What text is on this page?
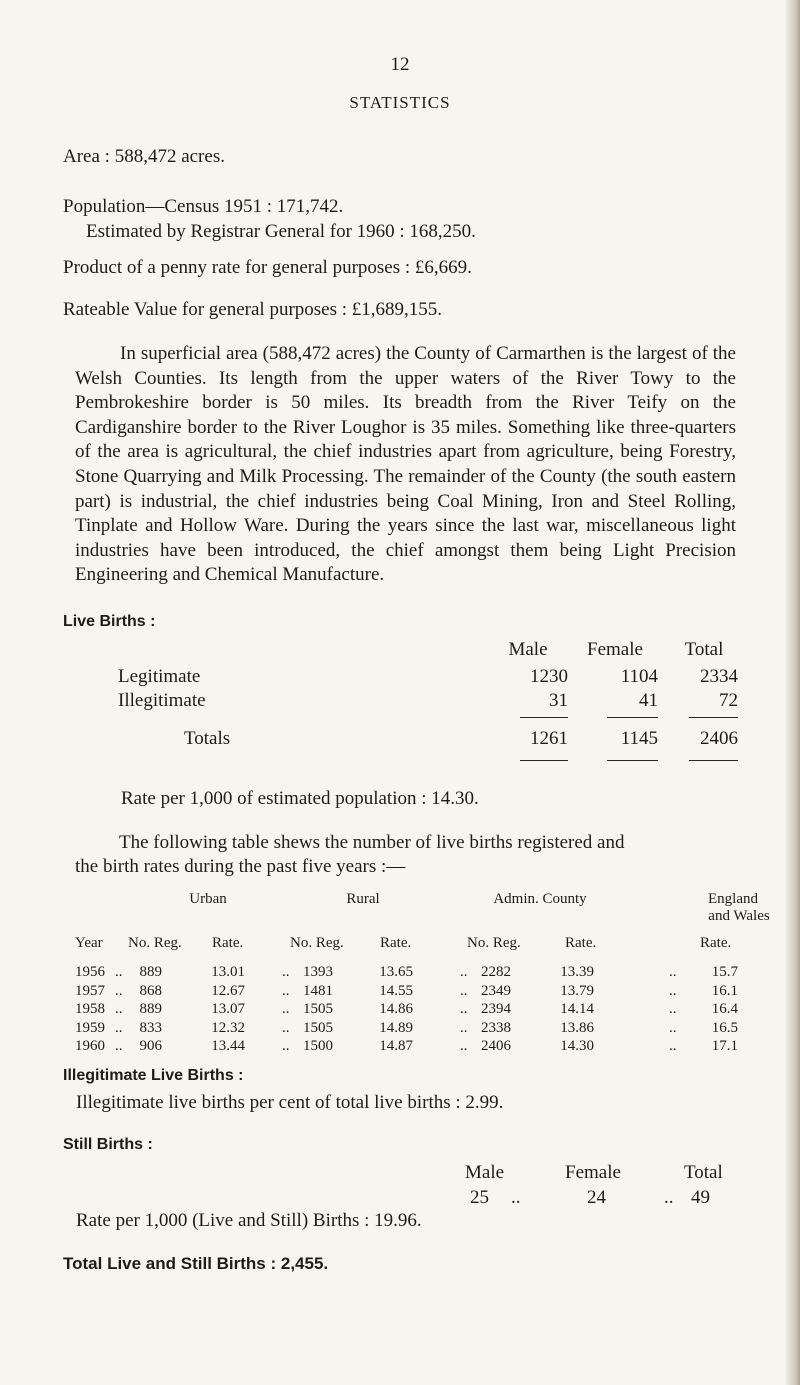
12
STATISTICS
Area : 588,472 acres.
Population—Census 1951 : 171,742.
Estimated by Registrar General for 1960 : 168,250.
Product of a penny rate for general purposes : £6,669.
Rateable Value for general purposes : £1,689,155.

In superficial area (588,472 acres) the County of Carmarthen is the largest of the Welsh Counties. Its length from the upper waters of the River Towy to the Pembrokeshire border is 50 miles. Its breadth from the River Teify on the Cardiganshire border to the River Loughor is 35 miles. Something like three-quarters of the area is agricultural, the chief industries apart from agriculture, being Forestry, Stone Quarrying and Milk Processing. The remainder of the County (the south eastern part) is industrial, the chief industries being Coal Mining, Iron and Steel Rolling, Tinplate and Hollow Ware. During the years since the last war, miscellaneous light industries have been introduced, the chief amongst them being Light Precision Engineering and Chemical Manufacture.

Live Births :
Male	Female	Total
Legitimate	1230	1104	2334
Illegitimate	31	41	72
Totals	1261	1145	2406
Rate per 1,000 of estimated population : 14.30.
The following table shews the number of live births registered and
the birth rates during the past five years :—
Urban	Rural	Admin. County	England
and Wales
Year No. Reg. Rate.	No. Reg. Rate.	No. Reg.	Rate.	Rate.
1956 ..	889	13.01 .. 1393	13.65	.. 2282	13.39	..	15.7
1957 ..	868	12.67 .. 1481	14.55	.. 2349	13.79	..	16.1
1958 ..	889	13.07 .. 1505	14.86	.. 2394	14.14	..	16.4
1959 ..	833	12.32 .. 1505	14.89	.. 2338	13.86	..	16.5
1960 ..	906	13.44 .. 1500	14.87	.. 2406	14.30	..	17.1
Illegitimate Live Births :
Illegitimate live births per cent of total live births : 2.99.
Still Births :
Male	Female	Total
25 ..	24	.. 49
Rate per 1,000 (Live and Still) Births : 19.96.
Total Live and Still Births : 2,455.
